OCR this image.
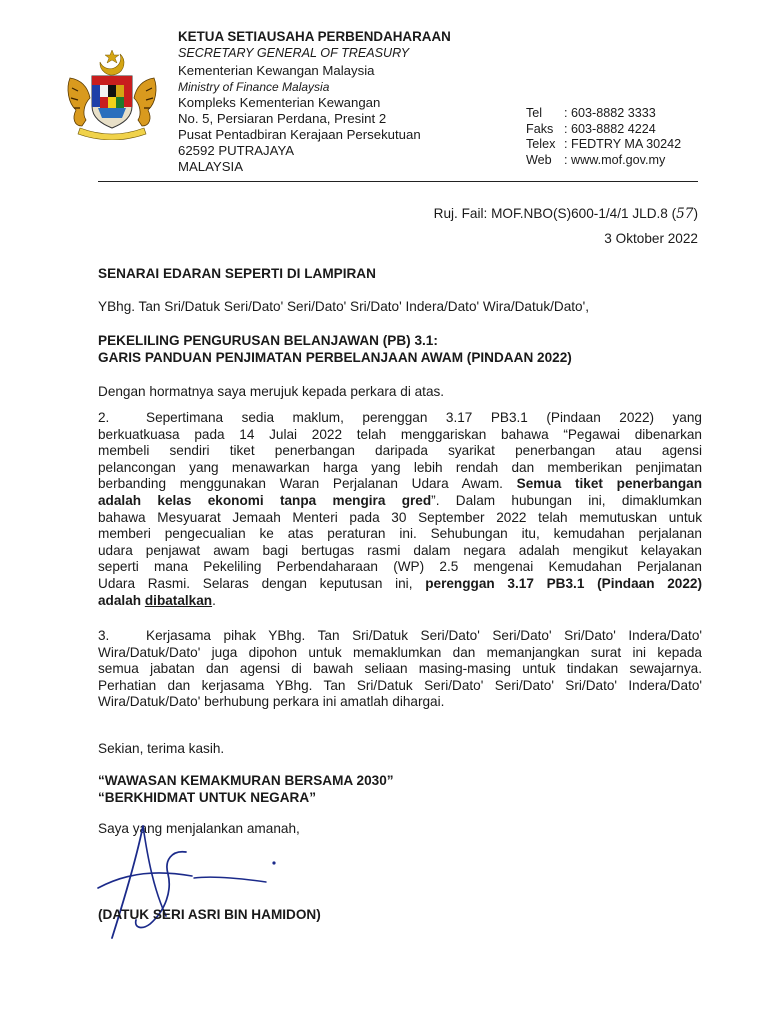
KETUA SETIAUSAHA PERBENDAHARAAN
SECRETARY GENERAL OF TREASURY
Kementerian Kewangan Malaysia
Ministry of Finance Malaysia
Kompleks Kementerian Kewangan
No. 5, Persiaran Perdana, Presint 2
Pusat Pentadbiran Kerajaan Persekutuan
62592 PUTRAJAYA
MALAYSIA
Tel	: 603-8882 3333
Faks : 603-8882 4224
Telex : FEDTRY MA 30242
Web : www.mof.gov.my
Ruj. Fail: MOF.NBO(S)600-1/4/1 JLD.8 (57)
3 Oktober 2022
SENARAI EDARAN SEPERTI DI LAMPIRAN
YBhg. Tan Sri/Datuk Seri/Dato' Seri/Dato' Sri/Dato' Indera/Dato' Wira/Datuk/Dato',
PEKELILING PENGURUSAN BELANJAWAN (PB) 3.1:
GARIS PANDUAN PENJIMATAN PERBELANJAAN AWAM (PINDAAN 2022)
Dengan hormatnya saya merujuk kepada perkara di atas.
2.	Sepertimana sedia maklum, perenggan 3.17 PB3.1 (Pindaan 2022) yang
berkuatkuasa pada 14 Julai 2022 telah menggariskan bahawa “Pegawai dibenarkan
membeli sendiri tiket penerbangan daripada syarikat penerbangan atau agensi
pelancongan yang menawarkan harga yang lebih rendah dan memberikan penjimatan
berbanding menggunakan Waran Perjalanan Udara Awam. Semua tiket penerbangan
adalah kelas ekonomi tanpa mengira gred”. Dalam hubungan ini, dimaklumkan
bahawa Mesyuarat Jemaah Menteri pada 30 September 2022 telah memutuskan untuk
memberi pengecualian ke atas peraturan ini. Sehubungan itu, kemudahan perjalanan
udara penjawat awam bagi bertugas rasmi dalam negara adalah mengikut kelayakan
seperti mana Pekeliling Perbendaharaan (WP) 2.5 mengenai Kemudahan Perjalanan
Udara Rasmi. Selaras dengan keputusan ini, perenggan 3.17 PB3.1 (Pindaan 2022)
adalah dibatalkan.
3.	Kerjasama pihak YBhg. Tan Sri/Datuk Seri/Dato' Seri/Dato' Sri/Dato' Indera/Dato'
Wira/Datuk/Dato' juga dipohon untuk memaklumkan dan memanjangkan surat ini kepada
semua jabatan dan agensi di bawah seliaan masing-masing untuk tindakan sewajarnya.
Perhatian dan kerjasama YBhg. Tan Sri/Datuk Seri/Dato' Seri/Dato' Sri/Dato' Indera/Dato'
Wira/Datuk/Dato' berhubung perkara ini amatlah dihargai.
Sekian, terima kasih.
“WAWASAN KEMAKMURAN BERSAMA 2030”
“BERKHIDMAT UNTUK NEGARA”
Saya yang menjalankan amanah,
(DATUK SERI ASRI BIN HAMIDON)
